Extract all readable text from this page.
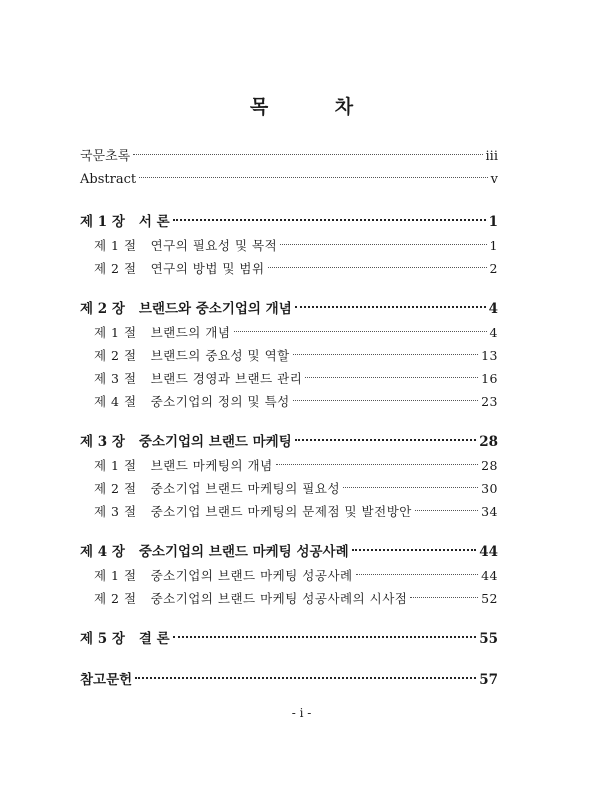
목 차
국문초록	iii
Abstract	v
제 1 장 서 론	1
제 1 절 연구의 필요성 및 목적	1
제 2 절 연구의 방법 및 범위	2
제 2 장 브랜드와 중소기업의 개념	4
제 1 절 브랜드의 개념	4
제 2 절 브랜드의 중요성 및 역할	13
제 3 절 브랜드 경영과 브랜드 관리	16
제 4 절 중소기업의 정의 및 특성	23
제 3 장 중소기업의 브랜드 마케팅	28
제 1 절 브랜드 마케팅의 개념	28
제 2 절 중소기업 브랜드 마케팅의 필요성	30
제 3 절 중소기업 브랜드 마케팅의 문제점 및 발전방안	34
제 4 장 중소기업의 브랜드 마케팅 성공사례	44
제 1 절 중소기업의 브랜드 마케팅 성공사례	44
제 2 절 중소기업의 브랜드 마케팅 성공사례의 시사점	52
제 5 장 결 론	55
참고문헌	57
- i -
